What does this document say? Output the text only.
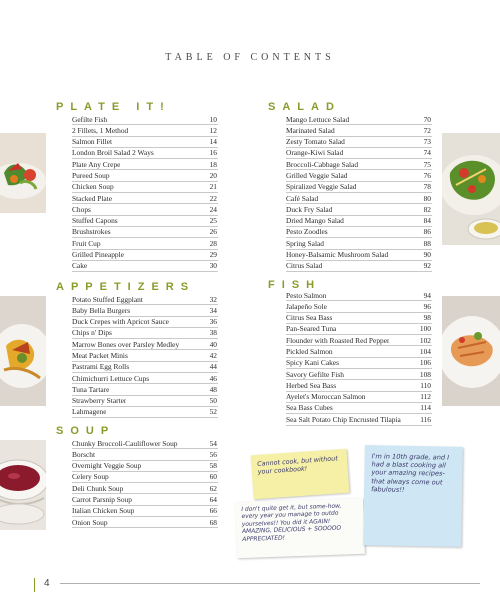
TABLE OF CONTENTS
PLATE IT!	SALAD
APPETIZERS	FISH
SOUP
Gefilte Fish	10
2 Fillets, 1 Method	12
Salmon Fillet	14
London Broil Salad 2 Ways	16
Plate Any Crepe	18
Pureed Soup	20
Chicken Soup	21
Stacked Plate	22
Chops	24
Stuffed Capons	25
Brushstrokes	26
Fruit Cup	28
Grilled Pineapple	29
Cake	30
Potato Stuffed Eggplant	32
Baby Bella Burgers	34
Duck Crepes with Apricot Sauce	36
Chips n' Dips	38
Marrow Bones over Parsley Medley	40
Meat Packet Minis	42
Pastrami Egg Rolls	44
Chimichurri Lettuce Cups	46
Tuna Tartare	48
Strawberry Starter	50
Lahmagene	52
Chunky Broccoli-Cauliflower Soup	54
Borscht	56
Overnight Veggie Soup	58
Celery Soup	60
Deli Chunk Soup	62
Carrot Parsnip Soup	64
Italian Chicken Soup	66
Onion Soup	68
Mango Lettuce Salad	70
Marinated Salad	72
Zesty Tomato Salad	73
Orange-Kiwi Salad	74
Broccoli-Cabbage Salad	75
Grilled Veggie Salad	76
Spiralized Veggie Salad	78
Café Salad	80
Duck Fry Salad	82
Dried Mango Salad	84
Pesto Zoodles	86
Spring Salad	88
Honey-Balsamic Mushroom Salad	90
Citrus Salad	92
Pesto Salmon	94
Jalapeño Sole	96
Citrus Sea Bass	98
Pan-Seared Tuna	100
Flounder with Roasted Red Pepper	102
Pickled Salmon	104
Spicy Kani Cakes	106
Savory Gefilte Fish	108
Herbed Sea Bass	110
Ayelet's Moroccan Salmon	112
Sea Bass Cubes	114
Sea Salt Potato Chip Encrusted Tilapia	116
Cannot cook, but without your cookbook!
I don't quite get it, but some-how, every year you manage to outdo yourselves!! You did it AGAIN! AMAZING, DELICIOUS + SOOOOO APPRECIATED!
I'm in 10th grade, and I had a blast cooking all your amazing recipes-that always come out fabulous!!
4
